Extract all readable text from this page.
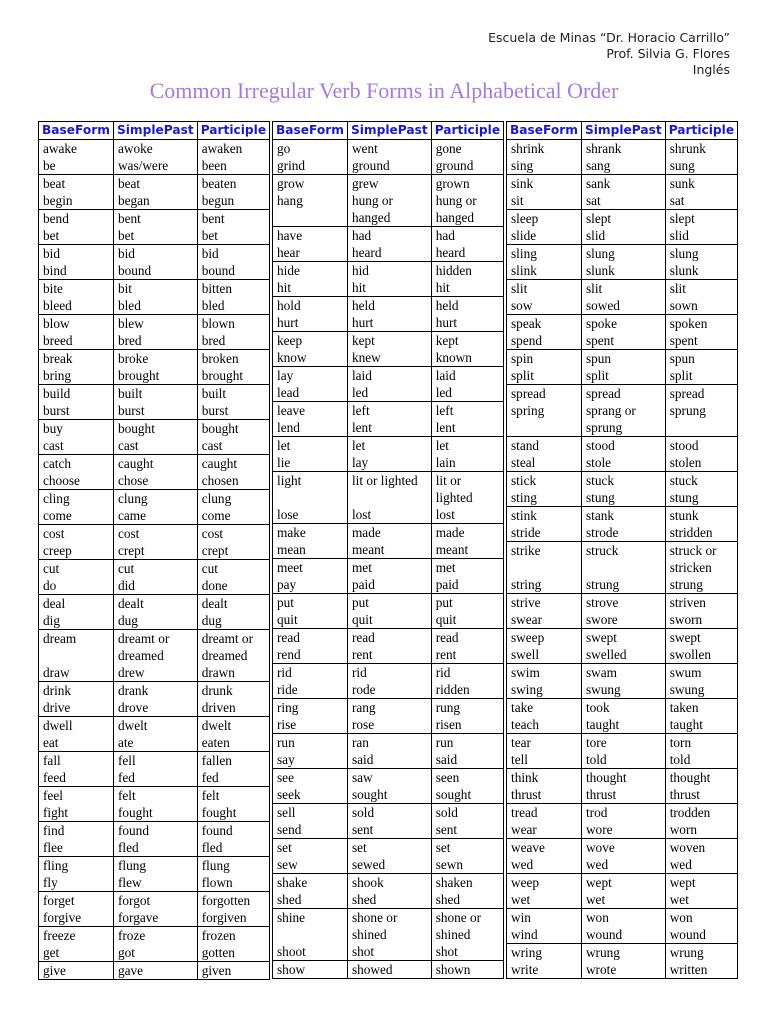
Escuela de Minas “Dr. Horacio Carrillo”
Prof. Silvia G. Flores
Inglés
Common Irregular Verb Forms in Alphabetical Order
BaseForm	SimplePast	Participle
awake	awoke	awaken
be	was/were	been
beat	beat	beaten
begin	began	begun
bend	bent	bent
bet	bet	bet
bid	bid	bid
bind	bound	bound
bite	bit	bitten
bleed	bled	bled
blow	blew	blown
breed	bred	bred
break	broke	broken
bring	brought	brought
build	built	built
burst	burst	burst
buy	bought	bought
cast	cast	cast
catch	caught	caught
choose	chose	chosen
cling	clung	clung
come	came	come
cost	cost	cost
creep	crept	crept
cut	cut	cut
do	did	done
deal	dealt	dealt
dig	dug	dug
dream	dreamt or dreamed	dreamt or dreamed
draw	drew	drawn
drink	drank	drunk
drive	drove	driven
dwell	dwelt	dwelt
eat	ate	eaten
fall	fell	fallen
feed	fed	fed
feel	felt	felt
fight	fought	fought
find	found	found
flee	fled	fled
fling	flung	flung
fly	flew	flown
forget	forgot	forgotten
forgive	forgave	forgiven
freeze	froze	frozen
get	got	gotten
give	gave	given
BaseForm	SimplePast	Participle
go	went	gone
grind	ground	ground
grow	grew	grown
hang	hung or hanged	hung or hanged
have	had	had
hear	heard	heard
hide	hid	hidden
hit	hit	hit
hold	held	held
hurt	hurt	hurt
keep	kept	kept
know	knew	known
lay	laid	laid
lead	led	led
leave	left	left
lend	lent	lent
let	let	let
lie	lay	lain
light	lit or lighted	lit or lighted
lose	lost	lost
make	made	made
mean	meant	meant
meet	met	met
pay	paid	paid
put	put	put
quit	quit	quit
read	read	read
rend	rent	rent
rid	rid	rid
ride	rode	ridden
ring	rang	rung
rise	rose	risen
run	ran	run
say	said	said
see	saw	seen
seek	sought	sought
sell	sold	sold
send	sent	sent
set	set	set
sew	sewed	sewn
shake	shook	shaken
shed	shed	shed
shine	shone or shined	shone or shined
shoot	shot	shot
show	showed	shown
BaseForm	SimplePast	Participle
shrink	shrank	shrunk
sing	sang	sung
sink	sank	sunk
sit	sat	sat
sleep	slept	slept
slide	slid	slid
sling	slung	slung
slink	slunk	slunk
slit	slit	slit
sow	sowed	sown
speak	spoke	spoken
spend	spent	spent
spin	spun	spun
split	split	split
spread	spread	spread
spring	sprang or sprung	sprung
stand	stood	stood
steal	stole	stolen
stick	stuck	stuck
sting	stung	stung
stink	stank	stunk
stride	strode	stridden
strike	struck	struck or stricken
string	strung	strung
strive	strove	striven
swear	swore	sworn
sweep	swept	swept
swell	swelled	swollen
swim	swam	swum
swing	swung	swung
take	took	taken
teach	taught	taught
tear	tore	torn
tell	told	told
think	thought	thought
thrust	thrust	thrust
tread	trod	trodden
wear	wore	worn
weave	wove	woven
wed	wed	wed
weep	wept	wept
wet	wet	wet
win	won	won
wind	wound	wound
wring	wrung	wrung
write	wrote	written
